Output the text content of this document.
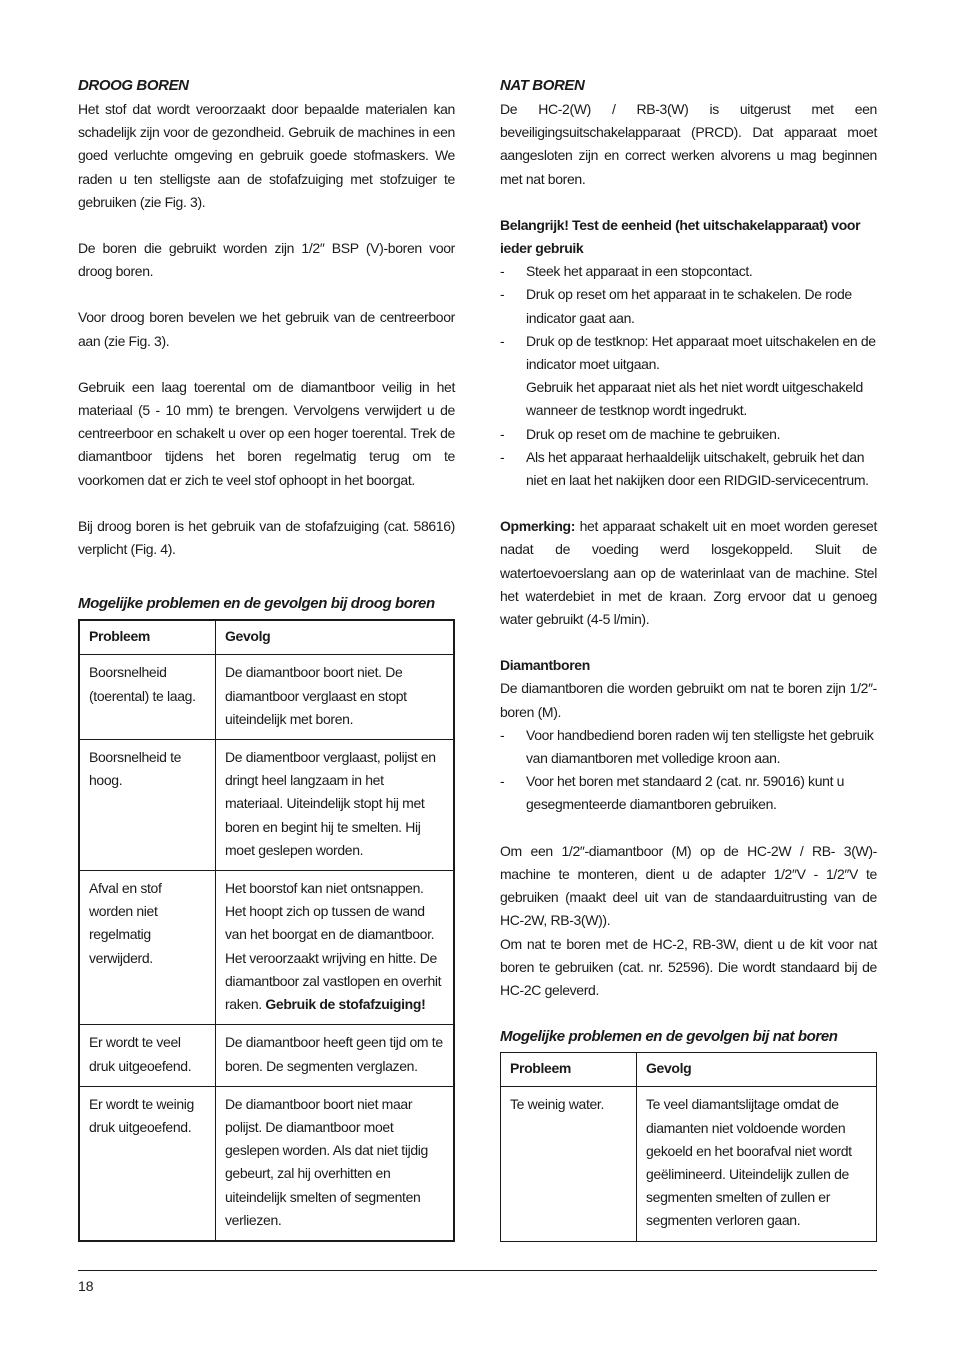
DROOG BOREN

Het stof dat wordt veroorzaakt door bepaalde materialen kan schadelijk zijn voor de gezondheid. Gebruik de machines in een goed verluchte omgeving en gebruik goede stofmaskers. We raden u ten stelligste aan de stofafzuiging met stofzuiger te gebruiken (zie Fig. 3).

De boren die gebruikt worden zijn 1/2″ BSP (V)-boren voor droog boren.

Voor droog boren bevelen we het gebruik van de centreerboor aan (zie Fig. 3).

Gebruik een laag toerental om de diamantboor veilig in het materiaal (5 - 10 mm) te brengen. Vervolgens verwijdert u de centreerboor en schakelt u over op een hoger toerental. Trek de diamantboor tijdens het boren regelmatig terug om te voorkomen dat er zich te veel stof ophoopt in het boorgat.

Bij droog boren is het gebruik van de stofafzuiging (cat. 58616) verplicht (Fig. 4).

Mogelijke problemen en de gevolgen bij droog boren

Probleem	Gevolg
Boorsnelheid (toerental) te laag.	De diamantboor boort niet. De diamantboor verglaast en stopt uiteindelijk met boren.
Boorsnelheid te hoog.	De diamentboor verglaast, polijst en dringt heel langzaam in het materiaal. Uiteindelijk stopt hij met boren en begint hij te smelten. Hij moet geslepen worden.
Afval en stof worden niet regelmatig verwijderd.	Het boorstof kan niet ontsnappen. Het hoopt zich op tussen de wand van het boorgat en de diamantboor. Het veroorzaakt wrijving en hitte. De diamantboor zal vastlopen en overhit raken. Gebruik de stofafzuiging!
Er wordt te veel druk uitgeoefend.	De diamantboor heeft geen tijd om te boren. De segmenten verglazen.
Er wordt te weinig druk uitgeoefend.	De diamantboor boort niet maar polijst. De diamantboor moet geslepen worden. Als dat niet tijdig gebeurt, zal hij overhitten en uiteindelijk smelten of segmenten verliezen.

NAT BOREN

De HC-2(W) / RB-3(W) is uitgerust met een beveiligingsuitschakelapparaat (PRCD). Dat apparaat moet aangesloten zijn en correct werken alvorens u mag beginnen met nat boren.

Belangrijk! Test de eenheid (het uitschakelapparaat) voor ieder gebruik

- Steek het apparaat in een stopcontact.
- Druk op reset om het apparaat in te schakelen. De rode indicator gaat aan.
- Druk op de testknop: Het apparaat moet uitschakelen en de indicator moet uitgaan.
Gebruik het apparaat niet als het niet wordt uitgeschakeld wanneer de testknop wordt ingedrukt.
- Druk op reset om de machine te gebruiken.
- Als het apparaat herhaaldelijk uitschakelt, gebruik het dan niet en laat het nakijken door een RIDGID-servicecentrum.

Opmerking: het apparaat schakelt uit en moet worden gereset nadat de voeding werd losgekoppeld. Sluit de watertoevoerslang aan op de waterinlaat van de machine. Stel het waterdebiet in met de kraan. Zorg ervoor dat u genoeg water gebruikt (4-5 l/min).

Diamantboren

De diamantboren die worden gebruikt om nat te boren zijn 1/2″-boren (M).

- Voor handbediend boren raden wij ten stelligste het gebruik van diamantboren met volledige kroon aan.
- Voor het boren met standaard 2 (cat. nr. 59016) kunt u gesegmenteerde diamantboren gebruiken.

Om een 1/2″-diamantboor (M) op de HC-2W / RB- 3(W)-machine te monteren, dient u de adapter 1/2″V - 1/2″V te gebruiken (maakt deel uit van de standaarduitrusting van de HC-2W, RB-3(W)).

Om nat te boren met de HC-2, RB-3W, dient u de kit voor nat boren te gebruiken (cat. nr. 52596). Die wordt standaard bij de HC-2C geleverd.

Mogelijke problemen en de gevolgen bij nat boren

Probleem	Gevolg
Te weinig water.	Te veel diamantslijtage omdat de diamanten niet voldoende worden gekoeld en het boorafval niet wordt geëlimineerd. Uiteindelijk zullen de segmenten smelten of zullen er segmenten verloren gaan.
18
